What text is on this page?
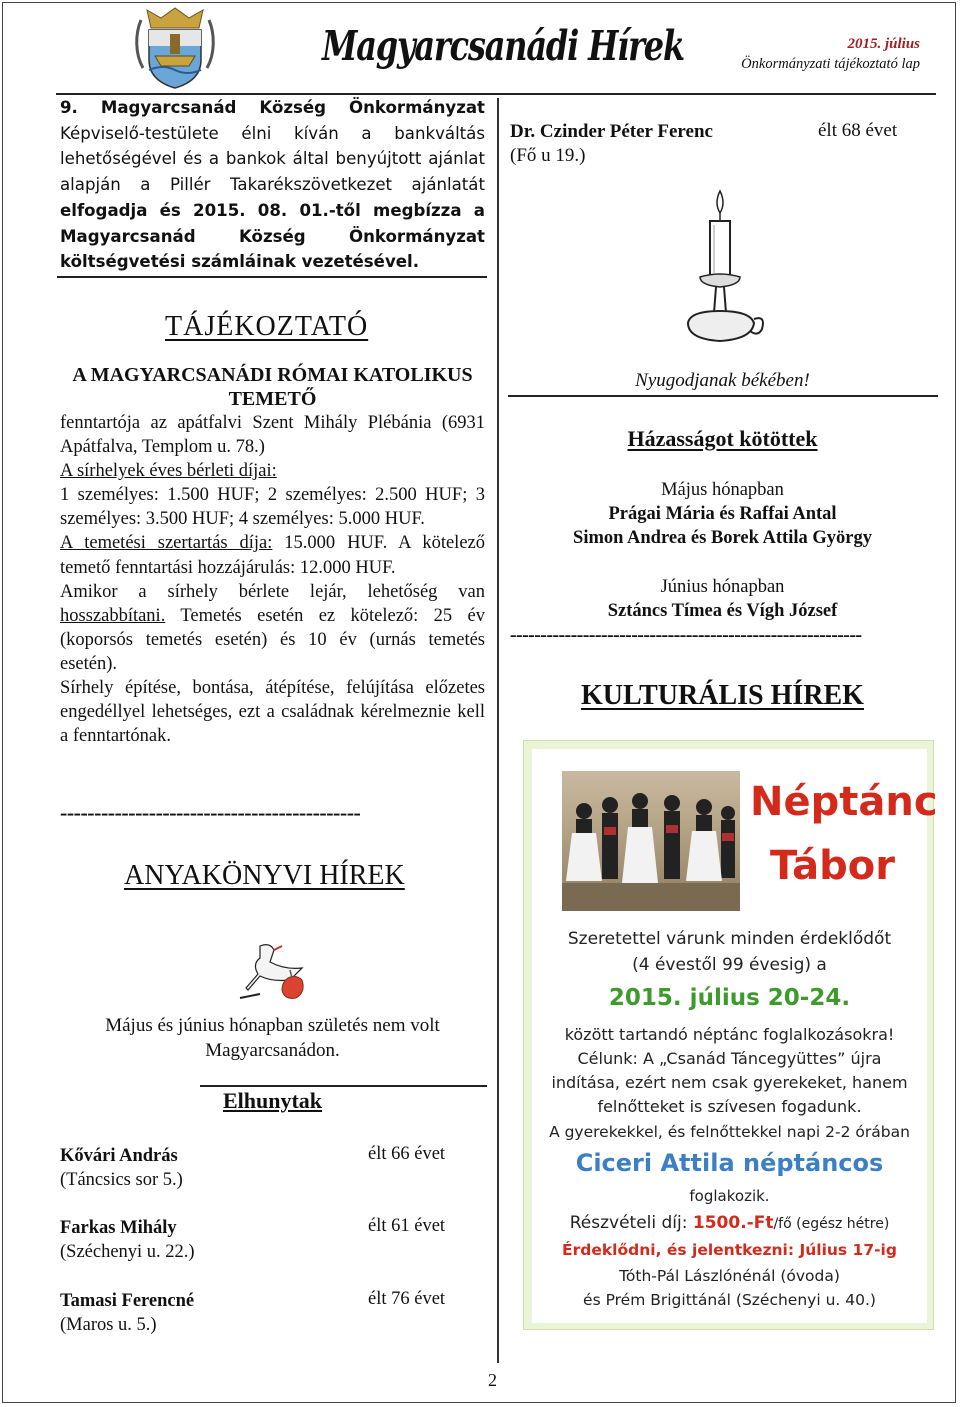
Magyarcsanádi Hírek	2015. július
Önkormányzati tájékoztató lap
9. Magyarcsanád Község Önkormányzat
Képviselő-testülete élni kíván a bankváltás
lehetőségével és a bankok által benyújtott ajánlat
alapján a Pillér Takarékszövetkezet ajánlatát
elfogadja és 2015. 08. 01.-től megbízza a
Magyarcsanád Község Önkormányzat
költségvetési számláinak vezetésével.
TÁJÉKOZTATÓ
A MAGYARCSANÁDI RÓMAI KATOLIKUS
TEMETŐ
fenntartója az apátfalvi Szent Mihály Plébánia (6931 Apátfalva, Templom u. 78.)
A sírhelyek éves bérleti díjai:
1 személyes: 1.500 HUF; 2 személyes: 2.500 HUF; 3 személyes: 3.500 HUF; 4 személyes: 5.000 HUF.
A temetési szertartás díja: 15.000 HUF. A kötelező temető fenntartási hozzájárulás: 12.000 HUF.
Amikor a sírhely bérlete lejár, lehetőség van hosszabbítani. Temetés esetén ez kötelező: 25 év (koporsós temetés esetén) és 10 év (urnás temetés esetén).
Sírhely építése, bontása, átépítése, felújítása előzetes engedéllyel lehetséges, ezt a családnak kérelmeznie kell a fenntartónak.
--------------------------------------------
ANYAKÖNYVI HÍREK
Május és június hónapban születés nem volt
Magyarcsanádon.
Elhunytak
Kővári András
(Táncsics sor 5.)
élt 66 évet
Farkas Mihály
(Széchenyi u. 22.)
élt 61 évet
Tamasi Ferencné
(Maros u. 5.)
élt 76 évet
2
Dr. Czinder Péter Ferenc
(Fő u 19.)
élt 68 évet
Nyugodjanak békében!
Házasságot kötöttek
Május hónapban
Prágai Mária és Raffai Antal
Simon Andrea és Borek Attila György
Június hónapban
Sztáncs Tímea és Vígh József
----------------------------------------------------------
KULTURÁLIS HÍREK
Néptánc
Tábor
Szeretettel várunk minden érdeklődőt
(4 évestől 99 évesig) a
2015. július 20-24.
között tartandó néptánc foglalkozásokra!
Célunk: A „Csanád Táncegyüttes” újra
indítása, ezért nem csak gyerekeket, hanem
felnőtteket is szívesen fogadunk.
A gyerekekkel, és felnőttekkel napi 2-2 órában
Ciceri Attila néptáncos
foglakozik.
Részvételi díj: 1500.-Ft/fő (egész hétre)
Érdeklődni, és jelentkezni: Július 17-ig
Tóth-Pál Lászlónénál (óvoda)
és Prém Brigittánál (Széchenyi u. 40.)
